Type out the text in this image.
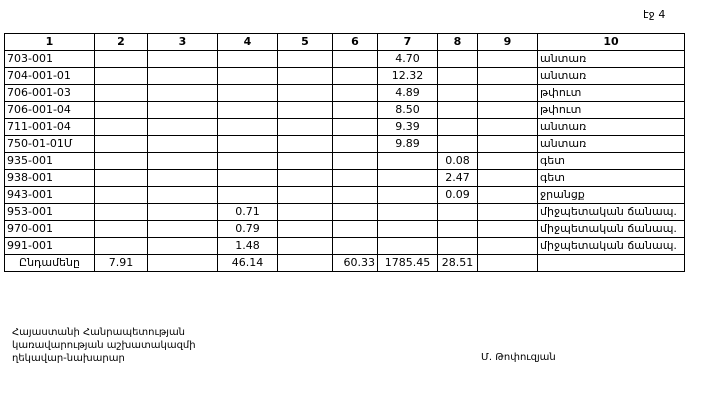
էջ 4
1	2	3	4	5	6	7	8	9	10
703-001						4.70			անտառ
704-001-01						12.32			անտառ
706-001-03						4.89			թփուտ
706-001-04						8.50			թփուտ
711-001-04						9.39			անտառ
750-01-01Մ						9.89			անտառ
935-001							0.08		գետ
938-001							2.47		գետ
943-001							0.09		ջրանցք
953-001			0.71						միջպետական ճանապ.
970-001			0.79						միջպետական ճանապ.
991-001			1.48						միջպետական ճանապ.
Ընդամենը	7.91		46.14		60.33	1785.45	28.51		
Հայաստանի Հանրապետության
կառավարության աշխատակազմի
ղեկավար-նախարար	Մ. Թոփուզյան
